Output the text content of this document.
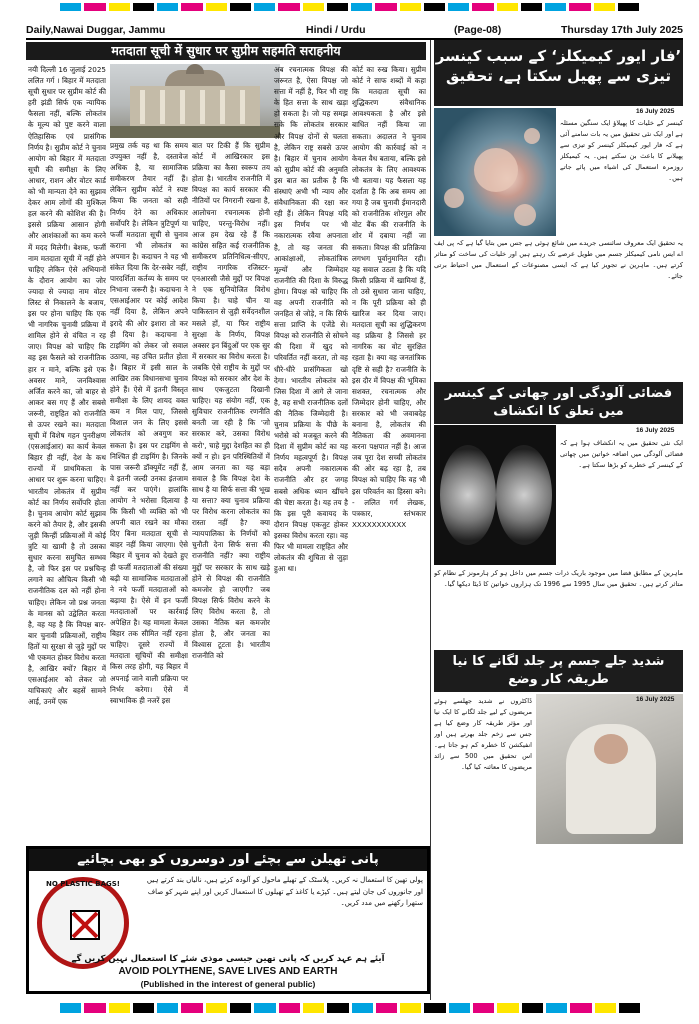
Daily,Nawai Duggar, Jammu	Hindi / Urdu	(Page-08)	Thursday 17th July 2025
मतदाता सूची में सुधार पर सुप्रीम सहमति सराहनीय

नयी दिल्ली 16 जुलाई 2025 ललित गर्ग । बिहार में मतदाता सूची सुधार पर सुप्रीम कोर्ट की हरी झंडी सिर्फ एक न्यायिक फैसला नहीं, बल्कि लोकतंत्र के मूल्य को पुष्ट करने वाला ऐतिहासिक एवं प्रासंगिक निर्णय है। सुप्रीम कोर्ट ने चुनाव आयोग को बिहार में मतदाता सूची की समीक्षा के लिए आधार, राशन और वोटर कार्ड को भी मान्यता देने का सुझाव देकर आम लोगों की मुश्किल हल करने की कोशिश की है। इससे प्रक्रिया आसान होगी और आशंकाओं का कम करने में मदद मिलेगी। बेशक, फर्जी नाम मतदाता सूची में नहीं होने चाहिए लेकिन ऐसे अभियानों के दौरान आयोग का जोर ज्यादा से ज्यादा नाम वोटर लिस्ट से निकालने के बजाय, इस पर होना चाहिए कि एक भी नागरिक चुनावी प्रक्रिया में शामिल होने से वंचित न रह जाए। विपक्ष को चाहिए कि वह इस फैसले को राजनीतिक हार न माने, बल्कि इसे एक अवसर माने, जनविश्वास अर्जित करने का, जो बाहर से आकर बस गए हैं और सबसे जरूरी, राष्ट्रहित को राजनीति से ऊपर रखने का। मतदाता सूची में विशेष गहन पुनरीक्षण (एसआईआर) का कार्य केवल बिहार ही नहीं, देश के कथ राज्यों में प्राथमिकता के आधार पर शुरू करना चाहिए। भारतीय लोकतंत्र में सुप्रीम कोर्ट का निर्णय सर्वोपरि होता है। चुनाव आयोग कोर्ट सुझाव करने को तैयार है, और इसकी जुड़ी किन्हीं प्रक्रियाओं में कोई त्रुटि या खामी है तो उसका सुधार करना समुचित सम्भव है, जो फिर इस पर प्रश्नचिन्ह लगाने का औचित्य किसी भी राजनीतिक दल को नहीं होना चाहिए। लेकिन जो प्रश्न जनता के मानस को उद्वेलित करता है, वह यह है कि विपक्ष बार-बार चुनावी प्रक्रियाओं, राष्ट्रीय हितों या सुरक्षा से जुड़े मुद्दों पर भी एकमत होकर विरोध करता है, आखिर क्यों? बिहार में एसआईआर को लेकर जो याचिकाएं और बहसें सामने आई, उनमें एक

प्रमुख तर्क यह था कि समय उपयुक्त नहीं है, दस्तावेज अधिक है, या सामाजिक समीकरण तैयार नहीं हैं। लेकिन सुप्रीम कोर्ट ने स्पष्ट किया कि जनता को सही निर्णय देने का अधिकार सर्वोपरि है। लेकिन त्रुटिपूर्ण या फर्जी मतदाता सूची से चुनाव कराना भी लोकतंत्र का अपमान है। कदाचन ने यह भी संकेत दिया कि देर-सबेर नहीं, पारदर्शिता कर्तव्य के समय पर निभाना जरूरी है। कदाचना ने एसआईआर पर कोई आदेश नहीं दिया है, लेकिन अपने इरादे की ओर इशारा तो कर ही दिया है। कदाचना ने टाइमिंग को लेकर जो सवाल उठाया, वह उचित प्रतीत होता है। बिहार में इसी साल के आखिर तक विधानसभा चुनाव होने हैं। ऐसे में इतनी विस्तृत समीक्षा के लिए शायद वक्त कम न मिल पाए, जिससे विशाल जन के लिए इससे लोकतंत्र को अवगुण कर सकता है। इस पर टाइमिंग से निश्चित ही टाइमिंग है। जिनके पास जरूरी डॉक्यूमेंट नहीं हैं, वे इतनी जल्दी उनका इंतजाम नहीं कर पाएंगे। हालांकि आयोग ने भरोसा दिलाया है कि किसी भी व्यक्ति को भी अपनी बात रखने का मौका दिए बिना मतदाता सूची से बाहर नहीं किया जाएगा। ऐसे बिहार में चुनाव को देखते हुए ही फर्जी मतदाताओं की संख्या बढ़ी या सामाजिक मतदाताओं ने नये फर्जी मतदाताओं को बढ़ाया है। ऐसे में इन फर्जी मतदाताओं पर कार्रवाई अपेक्षित है। यह मामला केवल बिहार तक सीमित नहीं रहना चाहिए। दूसरे राज्यों में मतदाता सूचियों की समीक्षा किस तरह होगी, यह बिहार में अपनाई जाने वाली प्रक्रिया पर निर्भर करेगा। ऐसे में स्वाभाविक ही नजरें इस

बात पर टिकी हैं कि सुप्रीम कोर्ट में आखिरकार इस प्रक्रिया का कैसा स्वरूप तय होता है। भारतीय राजनीति में विपक्ष का कार्य सरकार की नीतियों पर निगरानी रखना है, आलोचना रचनात्मक होनी चाहिए, परन्तु-विरोध नहीं। आज हम देख रहे हैं कि कांग्रेस सहित कई राजनीतिक समीकरण प्रतिनिधित्व-सीएए, राष्ट्रीय नागरिक रजिस्टर-एनआरसी जैसे मुद्दों पर विपक्ष ने एक सुनियोजित विरोध किया है। चाहे चीन या पाकिस्तान से जुड़ी सर्वेदनशील मसले हों, या फिर राष्ट्रीय सुरक्षा के निर्णय, विपक्ष अक्सर इन बिंदुओं पर एक सुर में सरकार का विरोध करता है। जबकि ऐसे राष्ट्रीय के मुद्दों पर विपक्ष को सरकार और देश के साथ एकजुटता दिखानी चाहिए। यह संयोग नहीं, एक सुविचार राजनीतिक रणनीति बनती जा रही है कि 'जो सरकार करे, उसका विरोध करो', चाहे मुद्दा देशहित का ही क्यों न हो। इन परिस्थितियों में आम जनता का यह बड़ा सवाल है कि विपक्ष देश के साथ है या सिर्फ सत्ता की भूख या सत्ता? क्या चुनाव प्रक्रिया पर विरोध करना लोकतंत्र का रास्ता नहीं है? क्या न्यायपालिका के निर्णयों को चुनौती देना सिर्फ सत्ता की राजनीति नहीं? क्या राष्ट्रीय मुद्दों पर सरकार के साथ खड़े होने से विपक्ष की राजनीति कमजोर हो जाएगी? जब विपक्ष सिर्फ विरोध करने के लिए विरोध करता है, तो उसका नैतिक बल कमजोर होता है, और जनता का विश्वास टूटता है। भारतीय राजनीति को

अब रचनात्मक विपक्ष की जरूरत है, ऐसा विपक्ष जो सत्ता में नहीं है, फिर भी राष्ट्र के हित सत्ता के साथ खड़ा हो सकता है। जो यह समझ सके कि लोकतंत्र सरकार और विपक्ष दोनों से चलता है, लेकिन राष्ट्र सबसे ऊपर है। बिहार में चुनाव आयोग को सुप्रीम कोर्ट की अनुमति इस बात का प्रतीक है कि संस्थाएं अभी भी न्याय और संवैधानिकता की रक्षा कर रही हैं। लेकिन विपक्ष यदि इस निर्णय पर भी नकारात्मक रवैया अपनाता है, तो यह जनता की आकांक्षाओं, लोकतांत्रिक मूल्यों और जिम्मेदार राजनीति की दिशा के विरुद्ध होगा। विपक्ष को चाहिए कि वह अपनी राजनीति को जनहित से जोड़े, न कि सिर्फ सत्ता प्राप्ति के एजेंडे से। विपक्ष को राजनीति से सोचने की दिशा में खुद को परिवर्तित नहीं करता, तो वह धीरे-धीरे प्रासंगिकता खो देगा। भारतीय लोकतंत्र को जिस दिशा में आगे ले जाना है, वह सभी राजनीतिक दलों की नैतिक जिम्मेदारी है। चुनाव प्रक्रिया के पीछे के भरोसे को मजबूत करने की दिशा में सुप्रीम कोर्ट का यह निर्णय महत्वपूर्ण है। विपक्ष सदैव अपनी नकारात्मक राजनीति और हर जगह सबसे अधिक ध्यान खींचने की चेष्टा करता है। यह तय है कि इस पूरी कवायद के दौरान विपक्ष एकजुट होकर इसका विरोध करता रहा। वह फिर भी मामला राष्ट्रहित और लोकतंत्र की शुचिता से जुड़ा हुआ था।

कोर्ट का रुख किया। सुप्रीम कोर्ट ने साफ शब्दों में कहा कि मतदाता सूची का शुद्धिकरण संवैधानिक आवश्यकता है और इसे बाधित नहीं किया जा सकता। अदालत ने चुनाव आयोग की कार्रवाई को न केवल वैध बताया, बल्कि इसे लोकतंत्र के लिए आवश्यक भी बताया। यह फैसला यह दर्शाता है कि अब समय आ गया है जब चुनावी ईमानदारी को राजनीतिक शोरगुल और वोट बैंक की राजनीति के शोर में दबाया नहीं जा सकता। विपक्ष की प्रतिक्रिया लगभग पूर्वानुमानित रही। यह सवाल उठता है कि यदि किसी प्रक्रिया में खामियां हैं, तो उसे सुधारा जाना चाहिए, न कि पूरी प्रक्रिया को ही खारिज कर दिया जाए। मतदाता सूची का शुद्धिकरण वह प्रक्रिया है जिससे हर नागरिक का वोट सुरक्षित रहता है। क्या वह जनतांत्रिक दृष्टि से सही है? राजनीति के इस दौर में विपक्ष की भूमिका सशक्त, रचनात्मक और जिम्मेदार होनी चाहिए, और सरकार को भी जवाबदेह बनाना है, लोकतंत्र की नैतिकता की अवमानना करना पक्षपात नहीं है। आज जब पूरा देश सच्ची लोकतंत्र की ओर बढ़ रहा है, तब विपक्ष को चाहिए कि वह भी इस परिवर्तन का हिस्सा बने। - ललित गर्ग लेखक, पत्रकार, स्तंभकार XXXXXXXXXXX

پانی تھیلن سے بچئے اور دوسروں کو بھی بچائیے
NO PLASTIC BAGS!	پولی تھین کا استعمال نہ کریں۔ پلاسٹک کے تھیلے ماحول کو آلودہ کرتے ہیں، نالیاں بند کرتے ہیں اور جانوروں کی جان لیتے ہیں۔ کپڑے یا کاغذ کے تھیلوں کا استعمال کریں اور اپنے شہر کو صاف ستھرا رکھنے میں مدد کریں۔
آیئے ہم عہد کریں کہ پانی تھین جیسی موذی شئے کا استعمال نہیں کریں گے
AVOID POLYTHENE, SAVE LIVES AND EARTH
(Published in the interest of general public)
’فار ایور کیمیکلز‘ کے سبب کینسر تیزی سے پھیل سکتا ہے، تحقیق
16 July 2025

کینسر کے خلیات کا پھیلاؤ ایک سنگین مسئلہ ہے اور ایک نئی تحقیق میں یہ بات سامنے آئی ہے کہ فار ایور کیمیکلز کینسر کو تیزی سے پھیلانے کا باعث بن سکتے ہیں۔ یہ کیمیکلز روزمرہ استعمال کی اشیاء میں پائے جاتے ہیں۔

یہ تحقیق ایک معروف سائنسی جریدے میں شائع ہوئی ہے جس میں بتایا گیا ہے کہ پی ایف اے ایس نامی کیمیکلز جسم میں طویل عرصے تک رہتے ہیں اور خلیات کی ساخت کو متاثر کرتے ہیں۔ ماہرین نے تجویز کیا ہے کہ ایسی مصنوعات کے استعمال میں احتیاط برتی جائے۔

فضائی آلودگی اور چھاتی کے کینسر میں تعلق کا انکشاف
16 July 2025

ایک نئی تحقیق میں یہ انکشاف ہوا ہے کہ فضائی آلودگی میں اضافہ خواتین میں چھاتی کے کینسر کے خطرے کو بڑھا سکتا ہے۔

ماہرین کے مطابق فضا میں موجود باریک ذرات جسم میں داخل ہو کر ہارمونز کے نظام کو متاثر کرتے ہیں۔ تحقیق میں سال 1995 سے 1996 تک ہزاروں خواتین کا ڈیٹا دیکھا گیا۔

شدید جلے جسم پر جلد لگانے کا نیا طریقہ کار وضع
16 July 2025

ڈاکٹروں نے شدید جھلسے ہوئے مریضوں کے لیے جلد لگانے کا ایک نیا اور مؤثر طریقہ کار وضع کیا ہے جس سے زخم جلد بھرتے ہیں اور انفیکشن کا خطرہ کم ہو جاتا ہے۔ اس تحقیق میں 500 سے زائد مریضوں کا معائنہ کیا گیا۔
